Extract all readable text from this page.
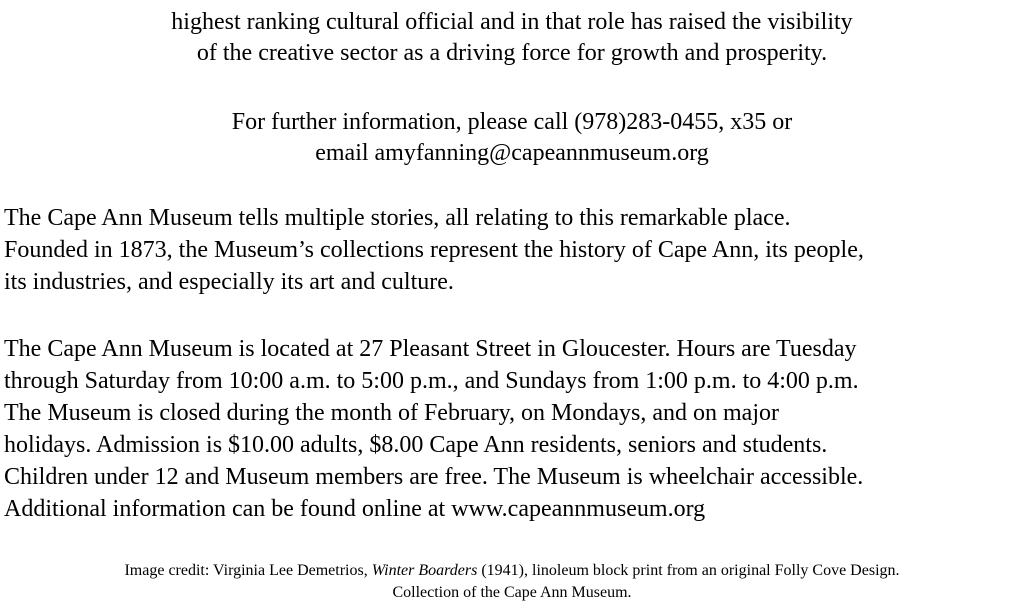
highest ranking cultural official and in that role has raised the visibility
of the creative sector as a driving force for growth and prosperity.

For further information, please call (978)283-0455, x35 or
email amyfanning@capeannmuseum.org

The Cape Ann Museum tells multiple stories, all relating to this remarkable place.
Founded in 1873, the Museum’s collections represent the history of Cape Ann, its people,
its industries, and especially its art and culture.

The Cape Ann Museum is located at 27 Pleasant Street in Gloucester. Hours are Tuesday
through Saturday from 10:00 a.m. to 5:00 p.m., and Sundays from 1:00 p.m. to 4:00 p.m.
The Museum is closed during the month of February, on Mondays, and on major
holidays. Admission is $10.00 adults, $8.00 Cape Ann residents, seniors and students.
Children under 12 and Museum members are free. The Museum is wheelchair accessible.
Additional information can be found online at www.capeannmuseum.org

Image credit: Virginia Lee Demetrios, Winter Boarders (1941), linoleum block print from an original Folly Cove Design.
Collection of the Cape Ann Museum.
